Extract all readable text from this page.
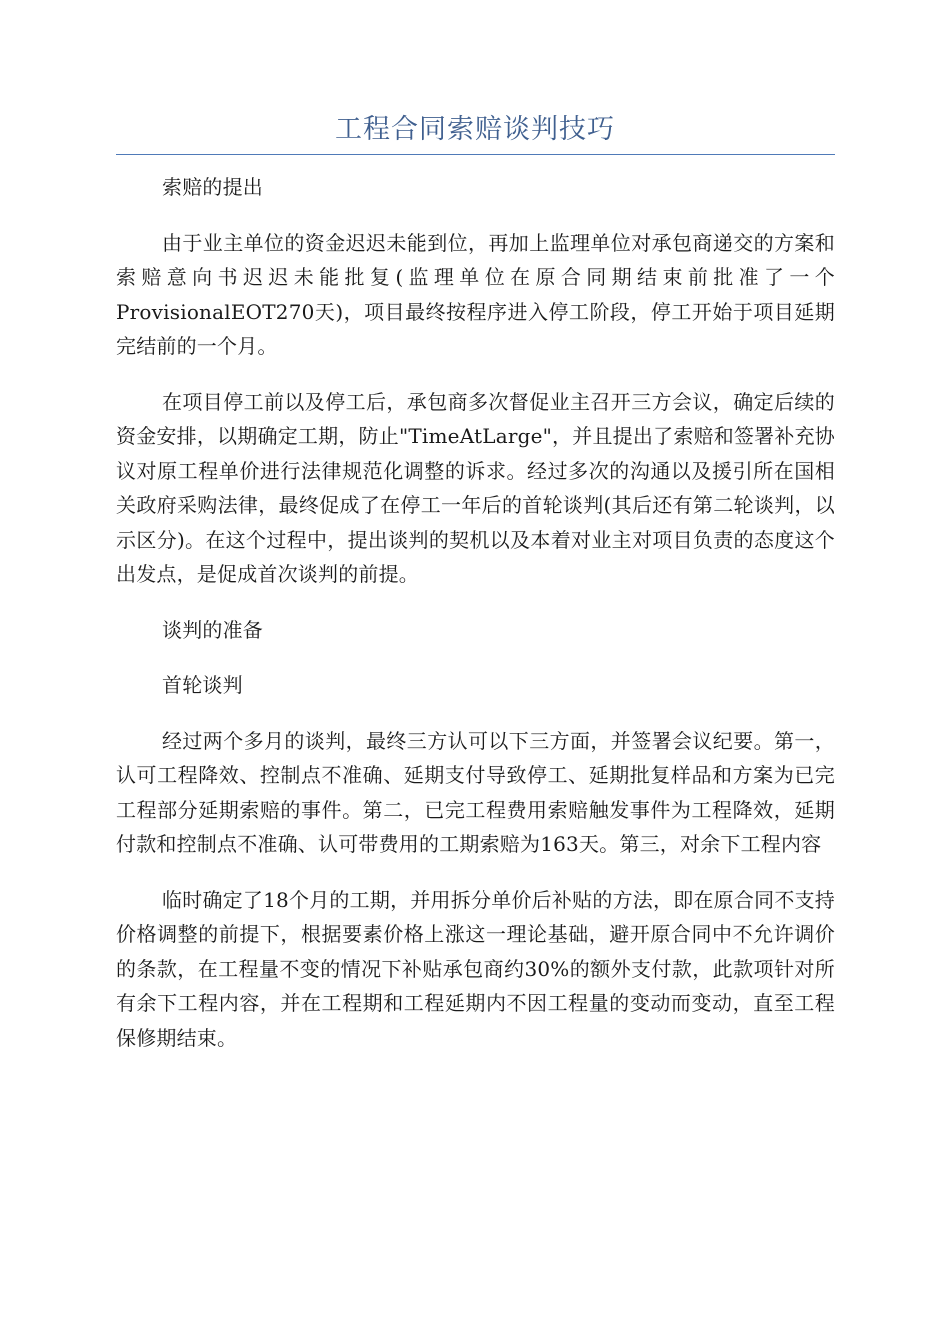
工程合同索赔谈判技巧

索赔的提出

由于业主单位的资金迟迟未能到位，再加上监理单位对承包商递交的方案和索赔意向书迟迟未能批复(监理单位在原合同期结束前批准了一个ProvisionalEOT270天)，项目最终按程序进入停工阶段，停工开始于项目延期完结前的一个月。

在项目停工前以及停工后，承包商多次督促业主召开三方会议，确定后续的资金安排，以期确定工期，防止"TimeAtLarge"，并且提出了索赔和签署补充协议对原工程单价进行法律规范化调整的诉求。经过多次的沟通以及援引所在国相关政府采购法律，最终促成了在停工一年后的首轮谈判(其后还有第二轮谈判，以示区分)。在这个过程中，提出谈判的契机以及本着对业主对项目负责的态度这个出发点，是促成首次谈判的前提。

谈判的准备

首轮谈判

经过两个多月的谈判，最终三方认可以下三方面，并签署会议纪要。第一，认可工程降效、控制点不准确、延期支付导致停工、延期批复样品和方案为已完工程部分延期索赔的事件。第二，已完工程费用索赔触发事件为工程降效，延期付款和控制点不准确、认可带费用的工期索赔为163天。第三，对余下工程内容

临时确定了18个月的工期，并用拆分单价后补贴的方法，即在原合同不支持价格调整的前提下，根据要素价格上涨这一理论基础，避开原合同中不允许调价的条款，在工程量不变的情况下补贴承包商约30%的额外支付款，此款项针对所有余下工程内容，并在工程期和工程延期内不因工程量的变动而变动，直至工程保修期结束。
